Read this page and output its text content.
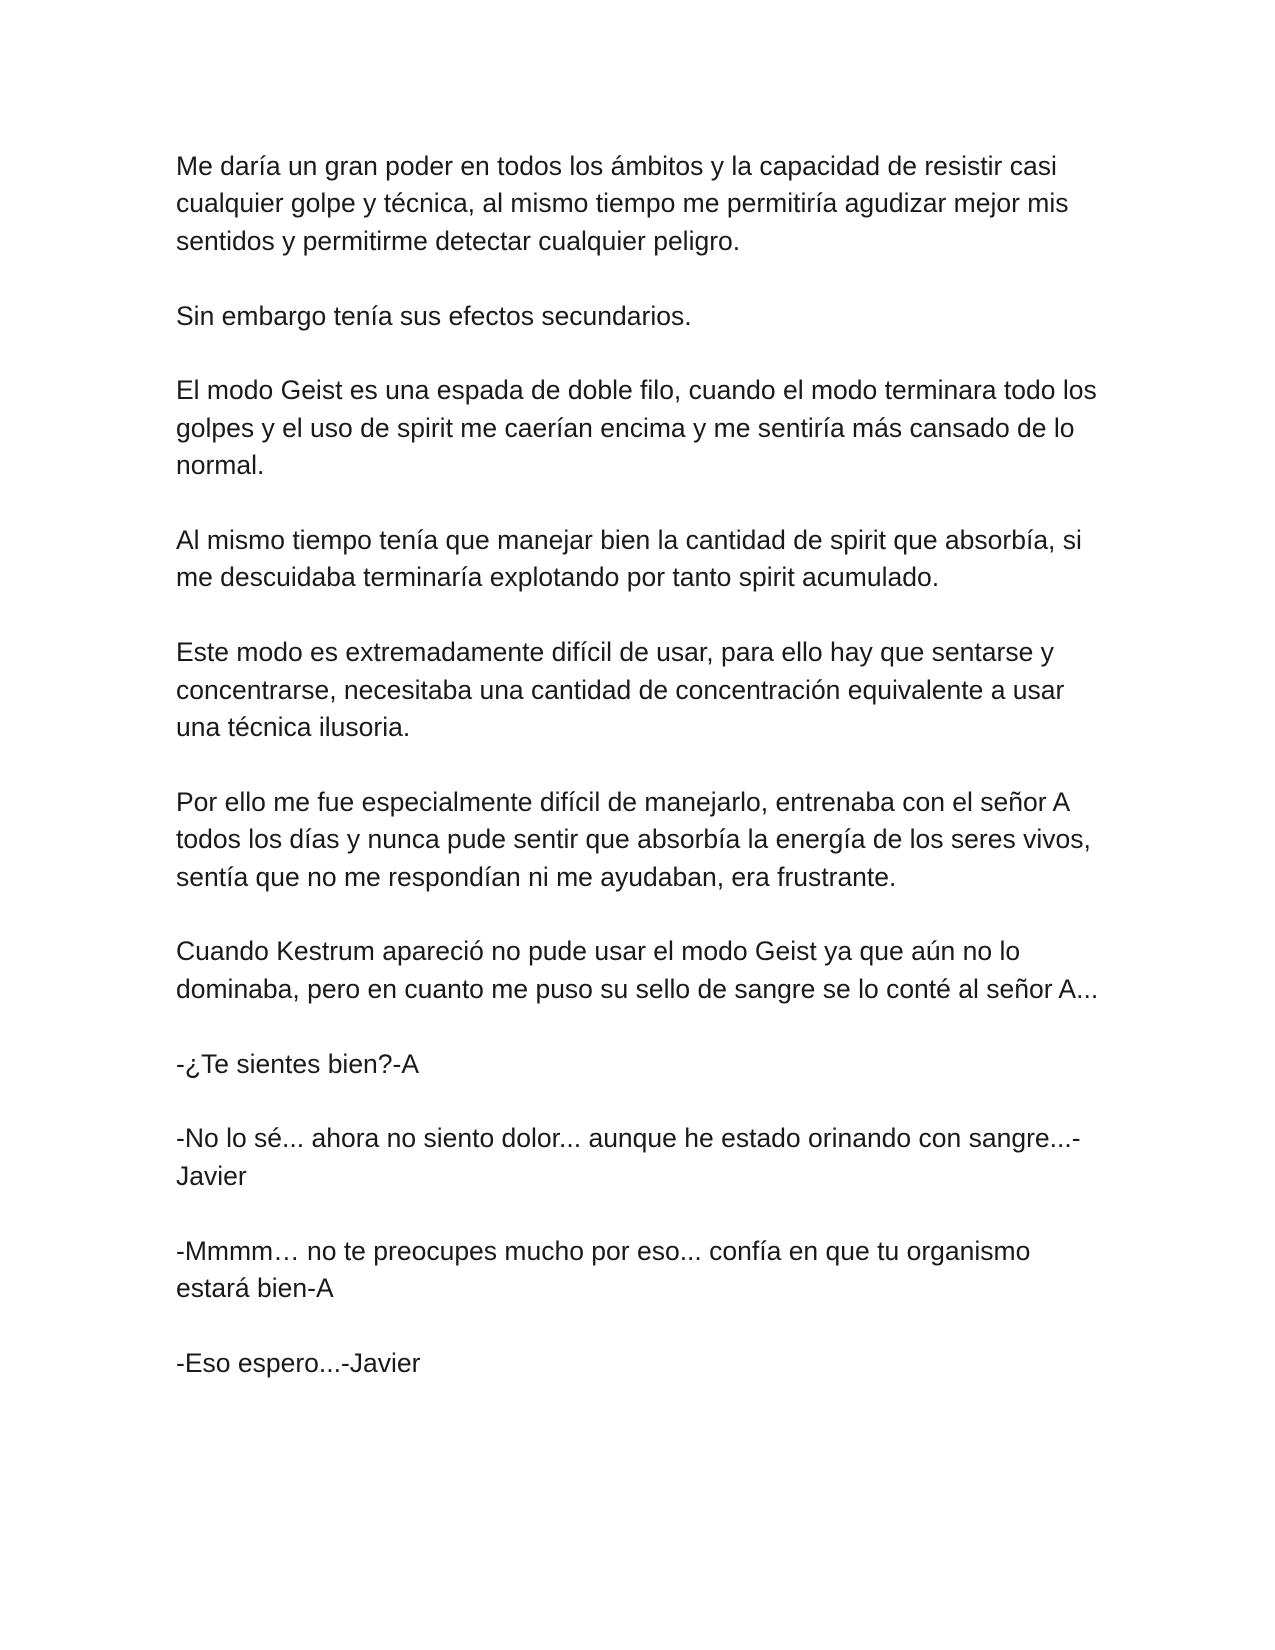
Me daría un gran poder en todos los ámbitos y la capacidad de resistir casi cualquier golpe y técnica, al mismo tiempo me permitiría agudizar mejor mis sentidos y permitirme detectar cualquier peligro.

Sin embargo tenía sus efectos secundarios.

El modo Geist es una espada de doble filo, cuando el modo terminara todo los golpes y el uso de spirit me caerían encima y me sentiría más cansado de lo normal.

Al mismo tiempo tenía que manejar bien la cantidad de spirit que absorbía, si me descuidaba terminaría explotando por tanto spirit acumulado.

Este modo es extremadamente difícil de usar, para ello hay que sentarse y concentrarse, necesitaba una cantidad de concentración equivalente a usar una técnica ilusoria.

Por ello me fue especialmente difícil de manejarlo, entrenaba con el señor A todos los días y nunca pude sentir que absorbía la energía de los seres vivos, sentía que no me respondían ni me ayudaban, era frustrante.

Cuando Kestrum apareció no pude usar el modo Geist ya que aún no lo dominaba, pero en cuanto me puso su sello de sangre se lo conté al señor A...

-¿Te sientes bien?-A

-No lo sé... ahora no siento dolor... aunque he estado orinando con sangre...-Javier

-Mmmm… no te preocupes mucho por eso... confía en que tu organismo estará bien-A

-Eso espero...-Javier
